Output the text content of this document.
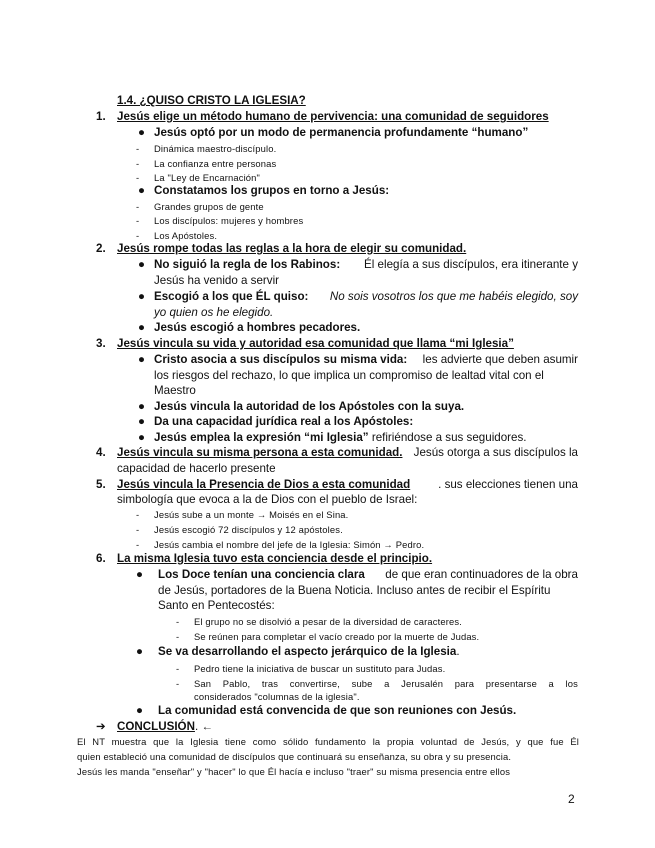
1.4. ¿QUISO CRISTO LA IGLESIA?
1. Jesús elige un método humano de pervivencia: una comunidad de seguidores
● Jesús optó por un modo de permanencia profundamente “humano”
- Dinámica maestro-discípulo.
- La confianza entre personas
- La "Ley de Encarnación"
● Constatamos los grupos en torno a Jesús:
- Grandes grupos de gente
- Los discípulos: mujeres y hombres
- Los Apóstoles.
2. Jesús rompe todas las reglas a la hora de elegir su comunidad.
● No siguió la regla de los Rabinos: Él elegía a sus discípulos, era itinerante y
Jesús ha venido a servir
● Escogió a los que ÉL quiso: No sois vosotros los que me habéis elegido, soy
yo quien os he elegido.
● Jesús escogió a hombres pecadores.
3. Jesús vincula su vida y autoridad esa comunidad que llama “mi Iglesia”
● Cristo asocia a sus discípulos su misma vida: les advierte que deben asumir
los riesgos del rechazo, lo que implica un compromiso de lealtad vital con el
Maestro
● Jesús vincula la autoridad de los Apóstoles con la suya.
● Da una capacidad jurídica real a los Apóstoles:
● Jesús emplea la expresión “mi Iglesia” refiriéndose a sus seguidores.
4. Jesús vincula su misma persona a esta comunidad. Jesús otorga a sus discípulos la
capacidad de hacerlo presente
5. Jesús vincula la Presencia de Dios a esta comunidad . sus elecciones tienen una
simbología que evoca a la de Dios con el pueblo de Israel:
- Jesús sube a un monte → Moisés en el Sina.
- Jesús escogió 72 discípulos y 12 apóstoles.
- Jesús cambia el nombre del jefe de la Iglesia: Simón → Pedro.
6. La misma Iglesia tuvo esta conciencia desde el principio.
● Los Doce tenían una conciencia clara de que eran continuadores de la obra
de Jesús, portadores de la Buena Noticia. Incluso antes de recibir el Espíritu
Santo en Pentecostés:
- El grupo no se disolvió a pesar de la diversidad de caracteres.
- Se reúnen para completar el vacío creado por la muerte de Judas.
● Se va desarrollando el aspecto jerárquico de la Iglesia.
- Pedro tiene la iniciativa de buscar un sustituto para Judas.
- San Pablo, tras convertirse, sube a Jerusalén para presentarse a los
considerados "columnas de la iglesia".
● La comunidad está convencida de que son reuniones con Jesús.
➔ CONCLUSIÓN. ←
El NT muestra que la Iglesia tiene como sólido fundamento la propia voluntad de Jesús, y que fue Él
quien estableció una comunidad de discípulos que continuará su enseñanza, su obra y su presencia.
Jesús les manda "enseñar" y "hacer" lo que Él hacía e incluso "traer" su misma presencia entre ellos
2
